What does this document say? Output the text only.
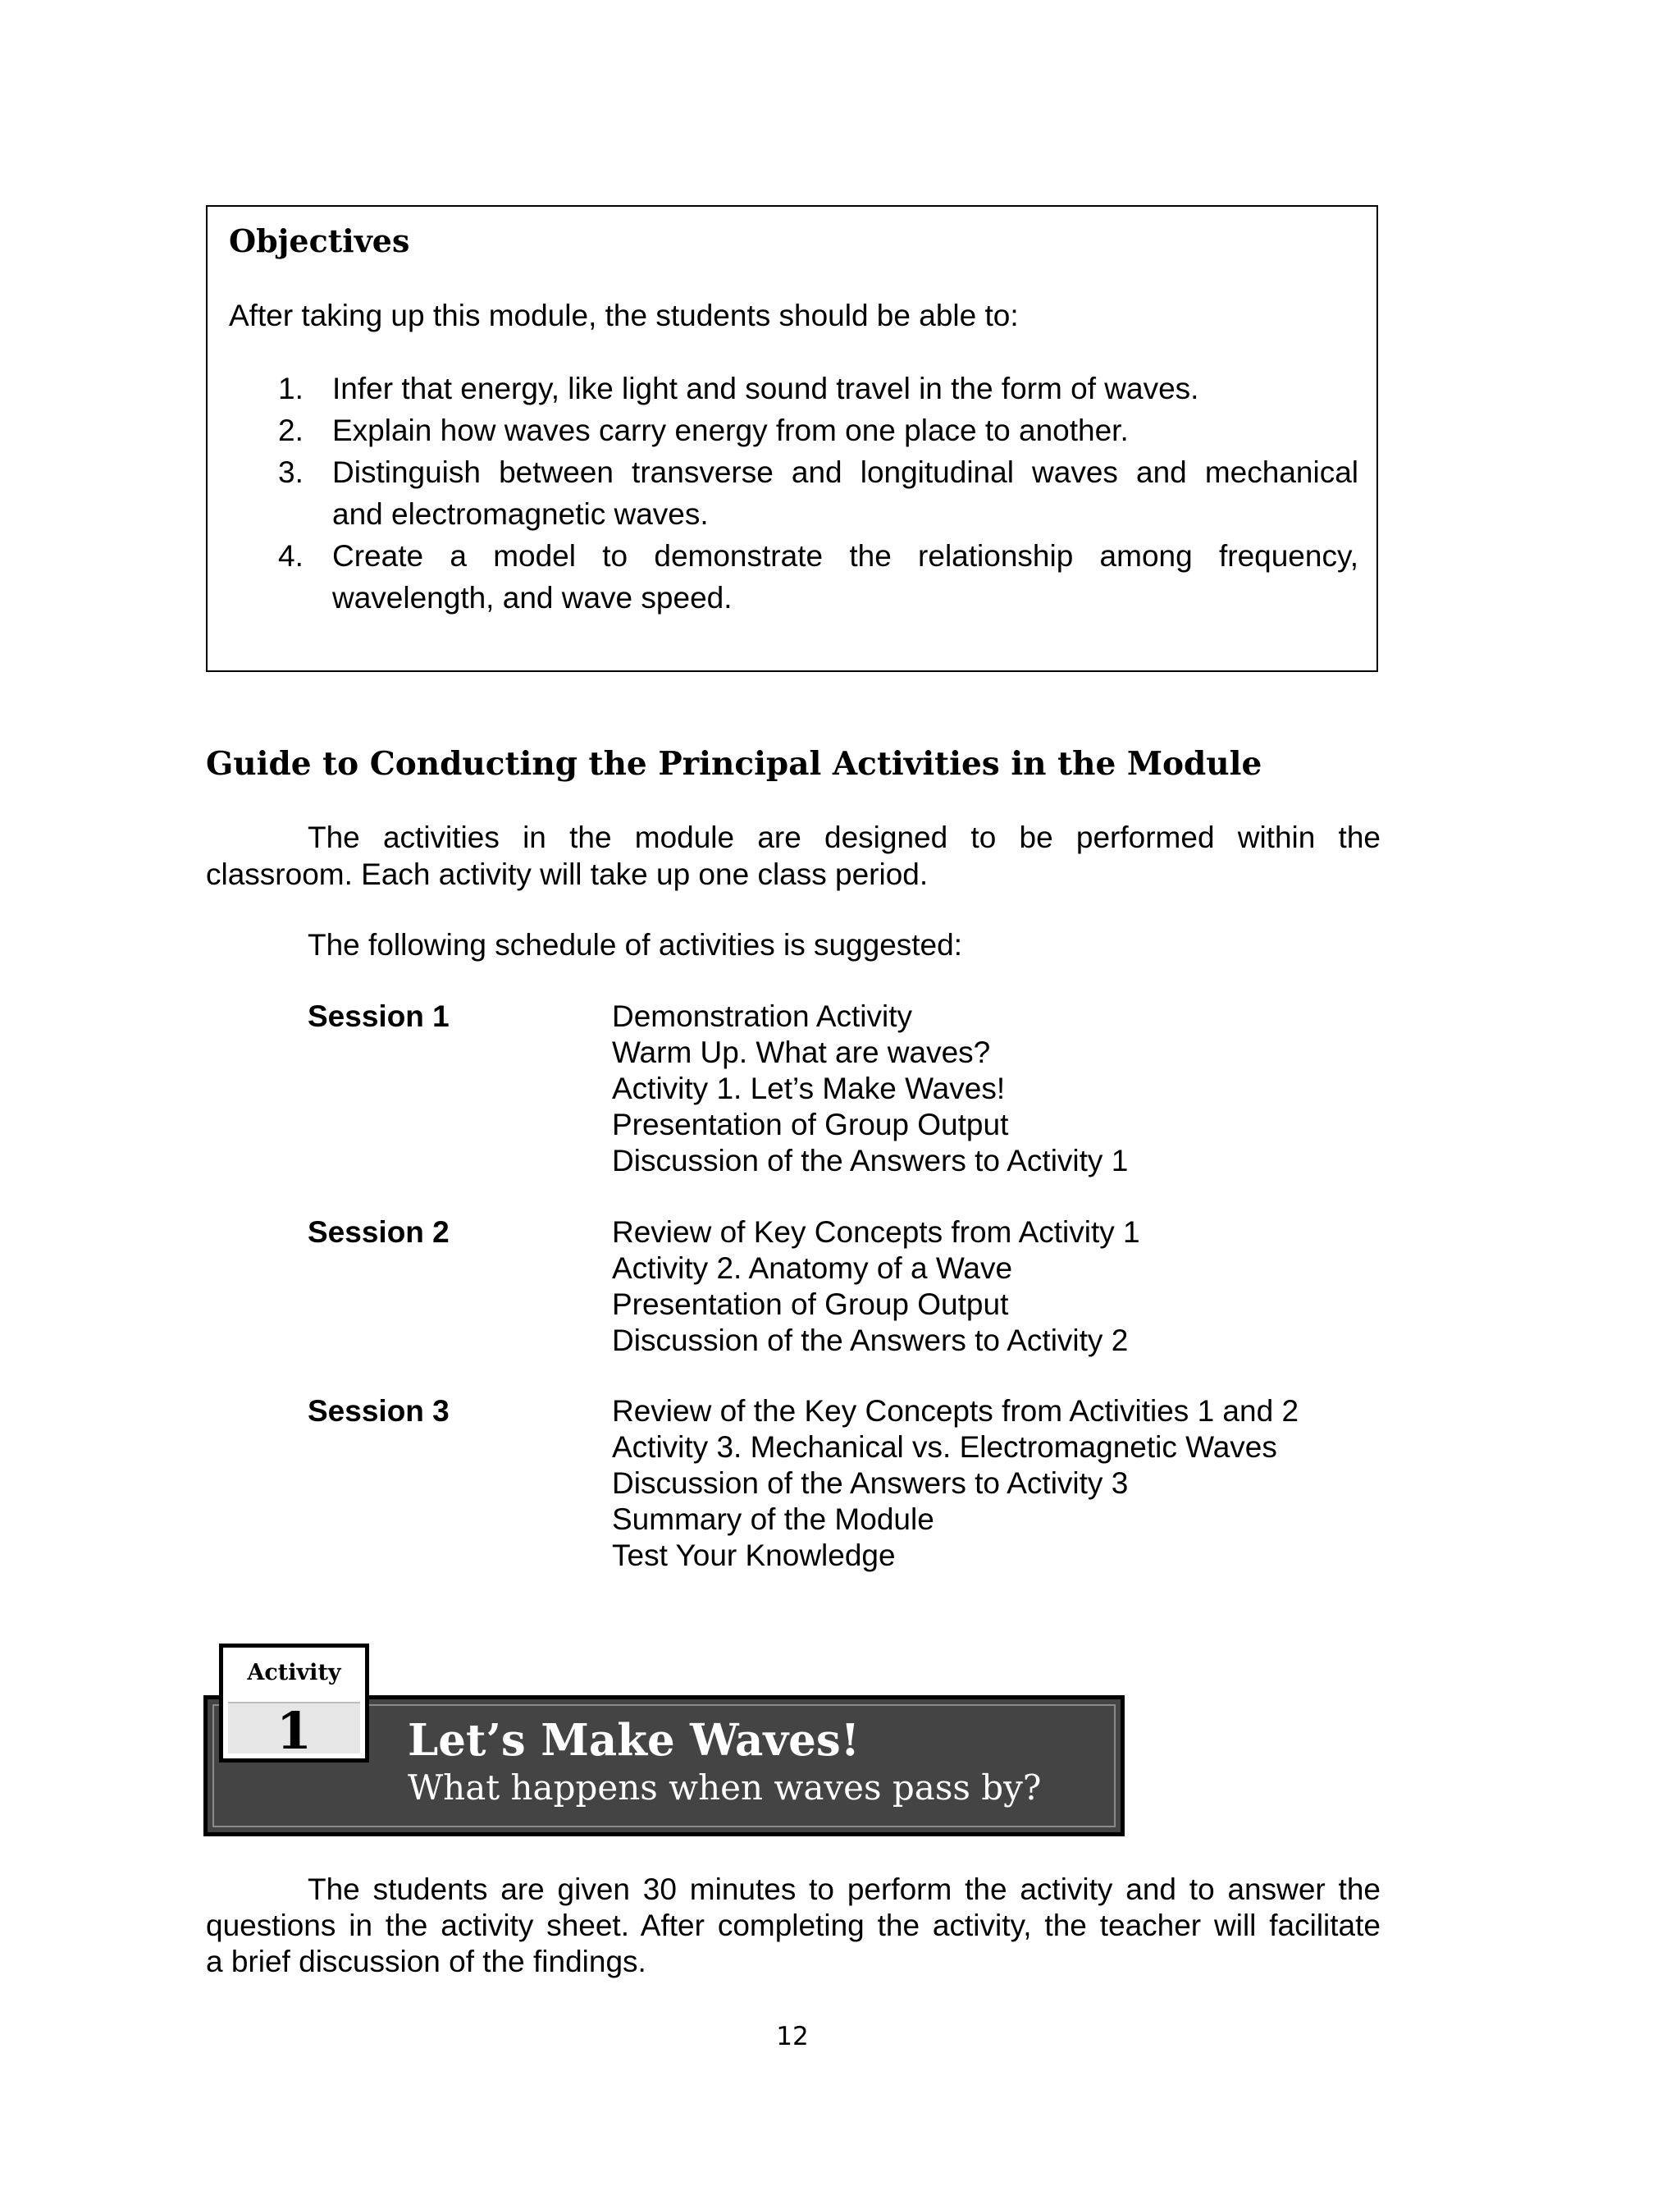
Objectives
After taking up this module, the students should be able to:
1. Infer that energy, like light and sound travel in the form of waves.
2. Explain how waves carry energy from one place to another.
3. Distinguish between transverse and longitudinal waves and mechanical
and electromagnetic waves.
4. Create a model to demonstrate the relationship among frequency,
wavelength, and wave speed.
Guide to Conducting the Principal Activities in the Module
The activities in the module are designed to be performed within the
classroom. Each activity will take up one class period.
The following schedule of activities is suggested:
Session 1	Demonstration Activity
Warm Up. What are waves?
Activity 1. Let’s Make Waves!
Presentation of Group Output
Discussion of the Answers to Activity 1
Session 2	Review of Key Concepts from Activity 1
Activity 2. Anatomy of a Wave
Presentation of Group Output
Discussion of the Answers to Activity 2
Session 3	Review of the Key Concepts from Activities 1 and 2
Activity 3. Mechanical vs. Electromagnetic Waves
Discussion of the Answers to Activity 3
Summary of the Module
Test Your Knowledge
Activity
1	Let’s Make Waves!
What happens when waves pass by?
The students are given 30 minutes to perform the activity and to answer the
questions in the activity sheet. After completing the activity, the teacher will facilitate
a brief discussion of the findings.
12
